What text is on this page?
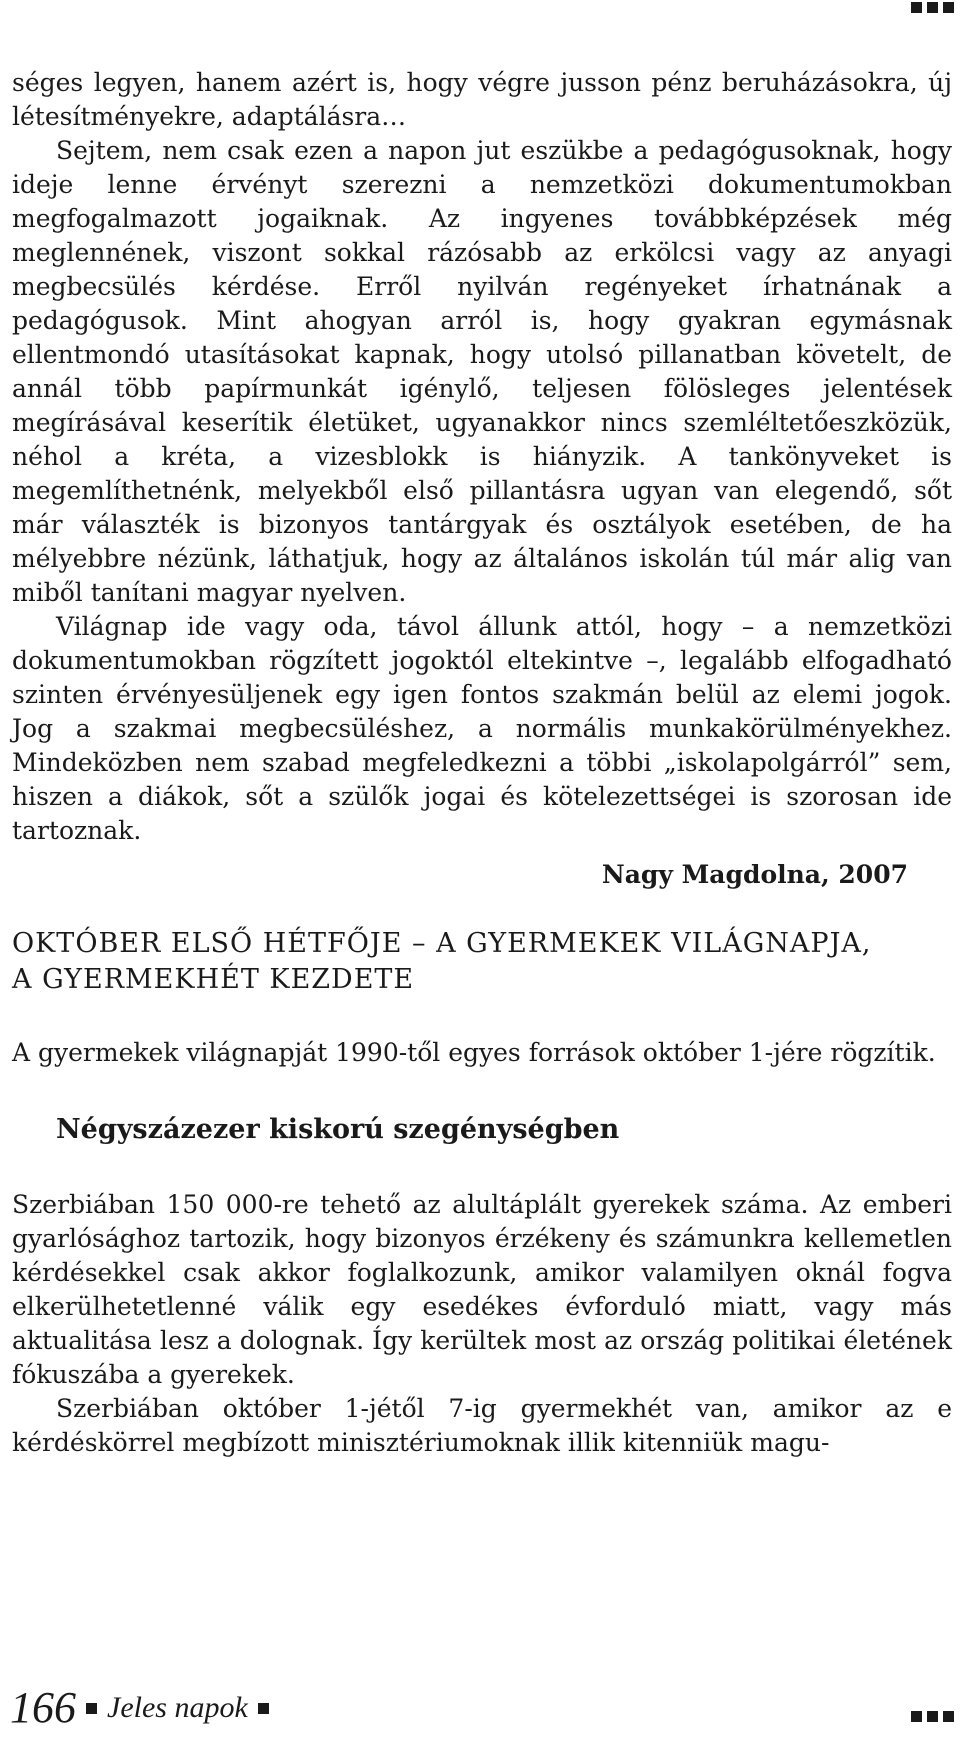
séges legyen, hanem azért is, hogy végre jusson pénz beruházásokra, új létesítményekre, adaptálásra…

Sejtem, nem csak ezen a napon jut eszükbe a pedagógusoknak, hogy ideje lenne érvényt szerezni a nemzetközi dokumentumokban megfogalmazott jogaiknak. Az ingyenes továbbképzések még meglennének, viszont sokkal rázósabb az erkölcsi vagy az anyagi megbecsülés kérdése. Erről nyilván regényeket írhatnának a pedagógusok. Mint ahogyan arról is, hogy gyakran egymásnak ellentmondó utasításokat kapnak, hogy utolsó pillanatban követelt, de annál több papírmunkát igénylő, teljesen fölösleges jelentések megírásával keserítik életüket, ugyanakkor nincs szemléltetőeszközük, néhol a kréta, a vizesblokk is hiányzik. A tankönyveket is megemlíthetnénk, melyekből első pillantásra ugyan van elegendő, sőt már választék is bizonyos tantárgyak és osztályok esetében, de ha mélyebbre nézünk, láthatjuk, hogy az általános iskolán túl már alig van miből tanítani magyar nyelven.

Világnap ide vagy oda, távol állunk attól, hogy – a nemzetközi dokumentumokban rögzített jogoktól eltekintve –, legalább elfogadható szinten érvényesüljenek egy igen fontos szakmán belül az elemi jogok. Jog a szakmai megbecsüléshez, a normális munkakörülményekhez. Mindeközben nem szabad megfeledkezni a többi „iskolapolgárról” sem, hiszen a diákok, sőt a szülők jogai és kötelezettségei is szorosan ide tartoznak.

Nagy Magdolna, 2007
OKTÓBER ELSŐ HÉTFŐJE – A GYERMEKEK VILÁGNAPJA,
A GYERMEKHÉT KEZDETE

A gyermekek világnapját 1990-től egyes források október 1-jére rögzítik.

Négyszázezer kiskorú szegénységben

Szerbiában 150 000-re tehető az alultáplált gyerekek száma. Az emberi gyarlósághoz tartozik, hogy bizonyos érzékeny és számunkra kellemetlen kérdésekkel csak akkor foglalkozunk, amikor valamilyen oknál fogva elkerülhetetlenné válik egy esedékes évforduló miatt, vagy más aktualitása lesz a dolognak. Így kerültek most az ország politikai életének fókuszába a gyerekek.

Szerbiában október 1-jétől 7-ig gyermekhét van, amikor az e kérdéskörrel megbízott minisztériumoknak illik kitenniük magu-

166 Jeles napok
